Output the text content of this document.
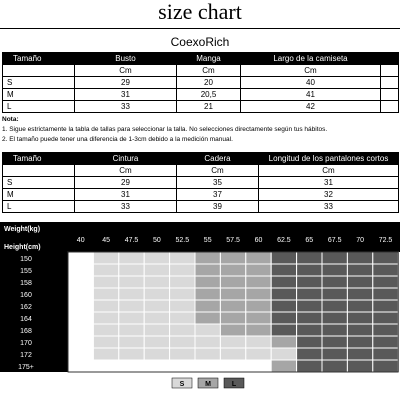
size chart
CoexoRich
Tamaño	Busto	Manga	Largo de la camiseta	
	Cm	Cm	Cm	
S	29	20	40	
M	31	20,5	41	
L	33	21	42	
Nota:
1. Sigue estrictamente la tabla de tallas para seleccionar la talla. No selecciones directamente según tus hábitos.
2. El tamaño puede tener una diferencia de 1-3cm debido a la medición manual.
Tamaño	Cintura	Cadera	Longitud de los pantalones cortos
	Cm	Cm	Cm
S	29	35	31
M	31	37	32
L	33	39	33
Weight(kg)
Height(cm)
40	45 47.5 50 52.5 55 57.5 60 62.5 65 67.5 70 72.5
150
155
158
160
162
164
168
170
172
175+
S	M	L
